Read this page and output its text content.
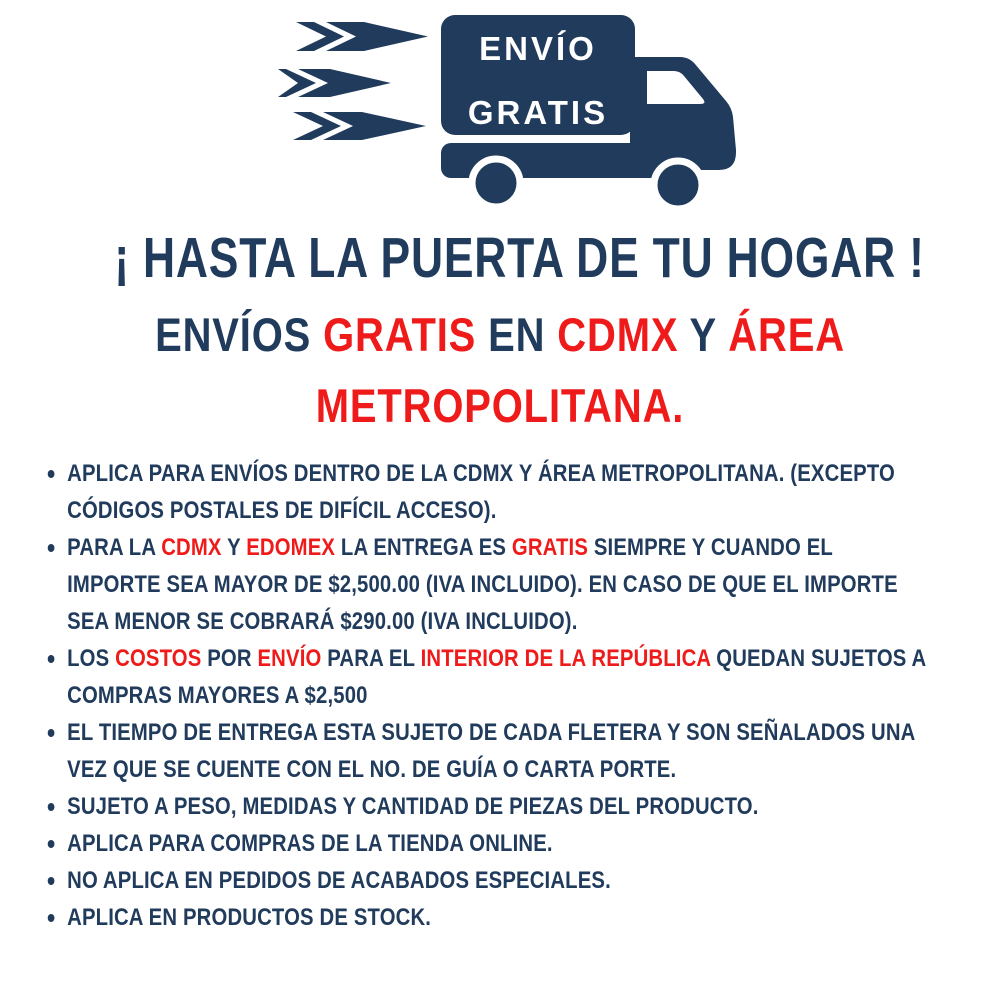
ENVÍO
GRATIS
¡ HASTA LA PUERTA DE TU HOGAR !
ENVÍOS GRATIS EN CDMX Y ÁREA
METROPOLITANA.
APLICA PARA ENVÍOS DENTRO DE LA CDMX Y ÁREA METROPOLITANA. (EXCEPTO CÓDIGOS POSTALES DE DIFÍCIL ACCESO).
PARA LA CDMX Y EDOMEX LA ENTREGA ES GRATIS SIEMPRE Y CUANDO EL IMPORTE SEA MAYOR DE $2,500.00 (IVA INCLUIDO). EN CASO DE QUE EL IMPORTE SEA MENOR SE COBRARÁ $290.00 (IVA INCLUIDO).
LOS COSTOS POR ENVÍO PARA EL INTERIOR DE LA REPÚBLICA QUEDAN SUJETOS A COMPRAS MAYORES A $2,500
EL TIEMPO DE ENTREGA ESTA SUJETO DE CADA FLETERA Y SON SEÑALADOS UNA VEZ QUE SE CUENTE CON EL NO. DE GUÍA O CARTA PORTE.
SUJETO A PESO, MEDIDAS Y CANTIDAD DE PIEZAS DEL PRODUCTO.
APLICA PARA COMPRAS DE LA TIENDA ONLINE.
NO APLICA EN PEDIDOS DE ACABADOS ESPECIALES.
APLICA EN PRODUCTOS DE STOCK.
